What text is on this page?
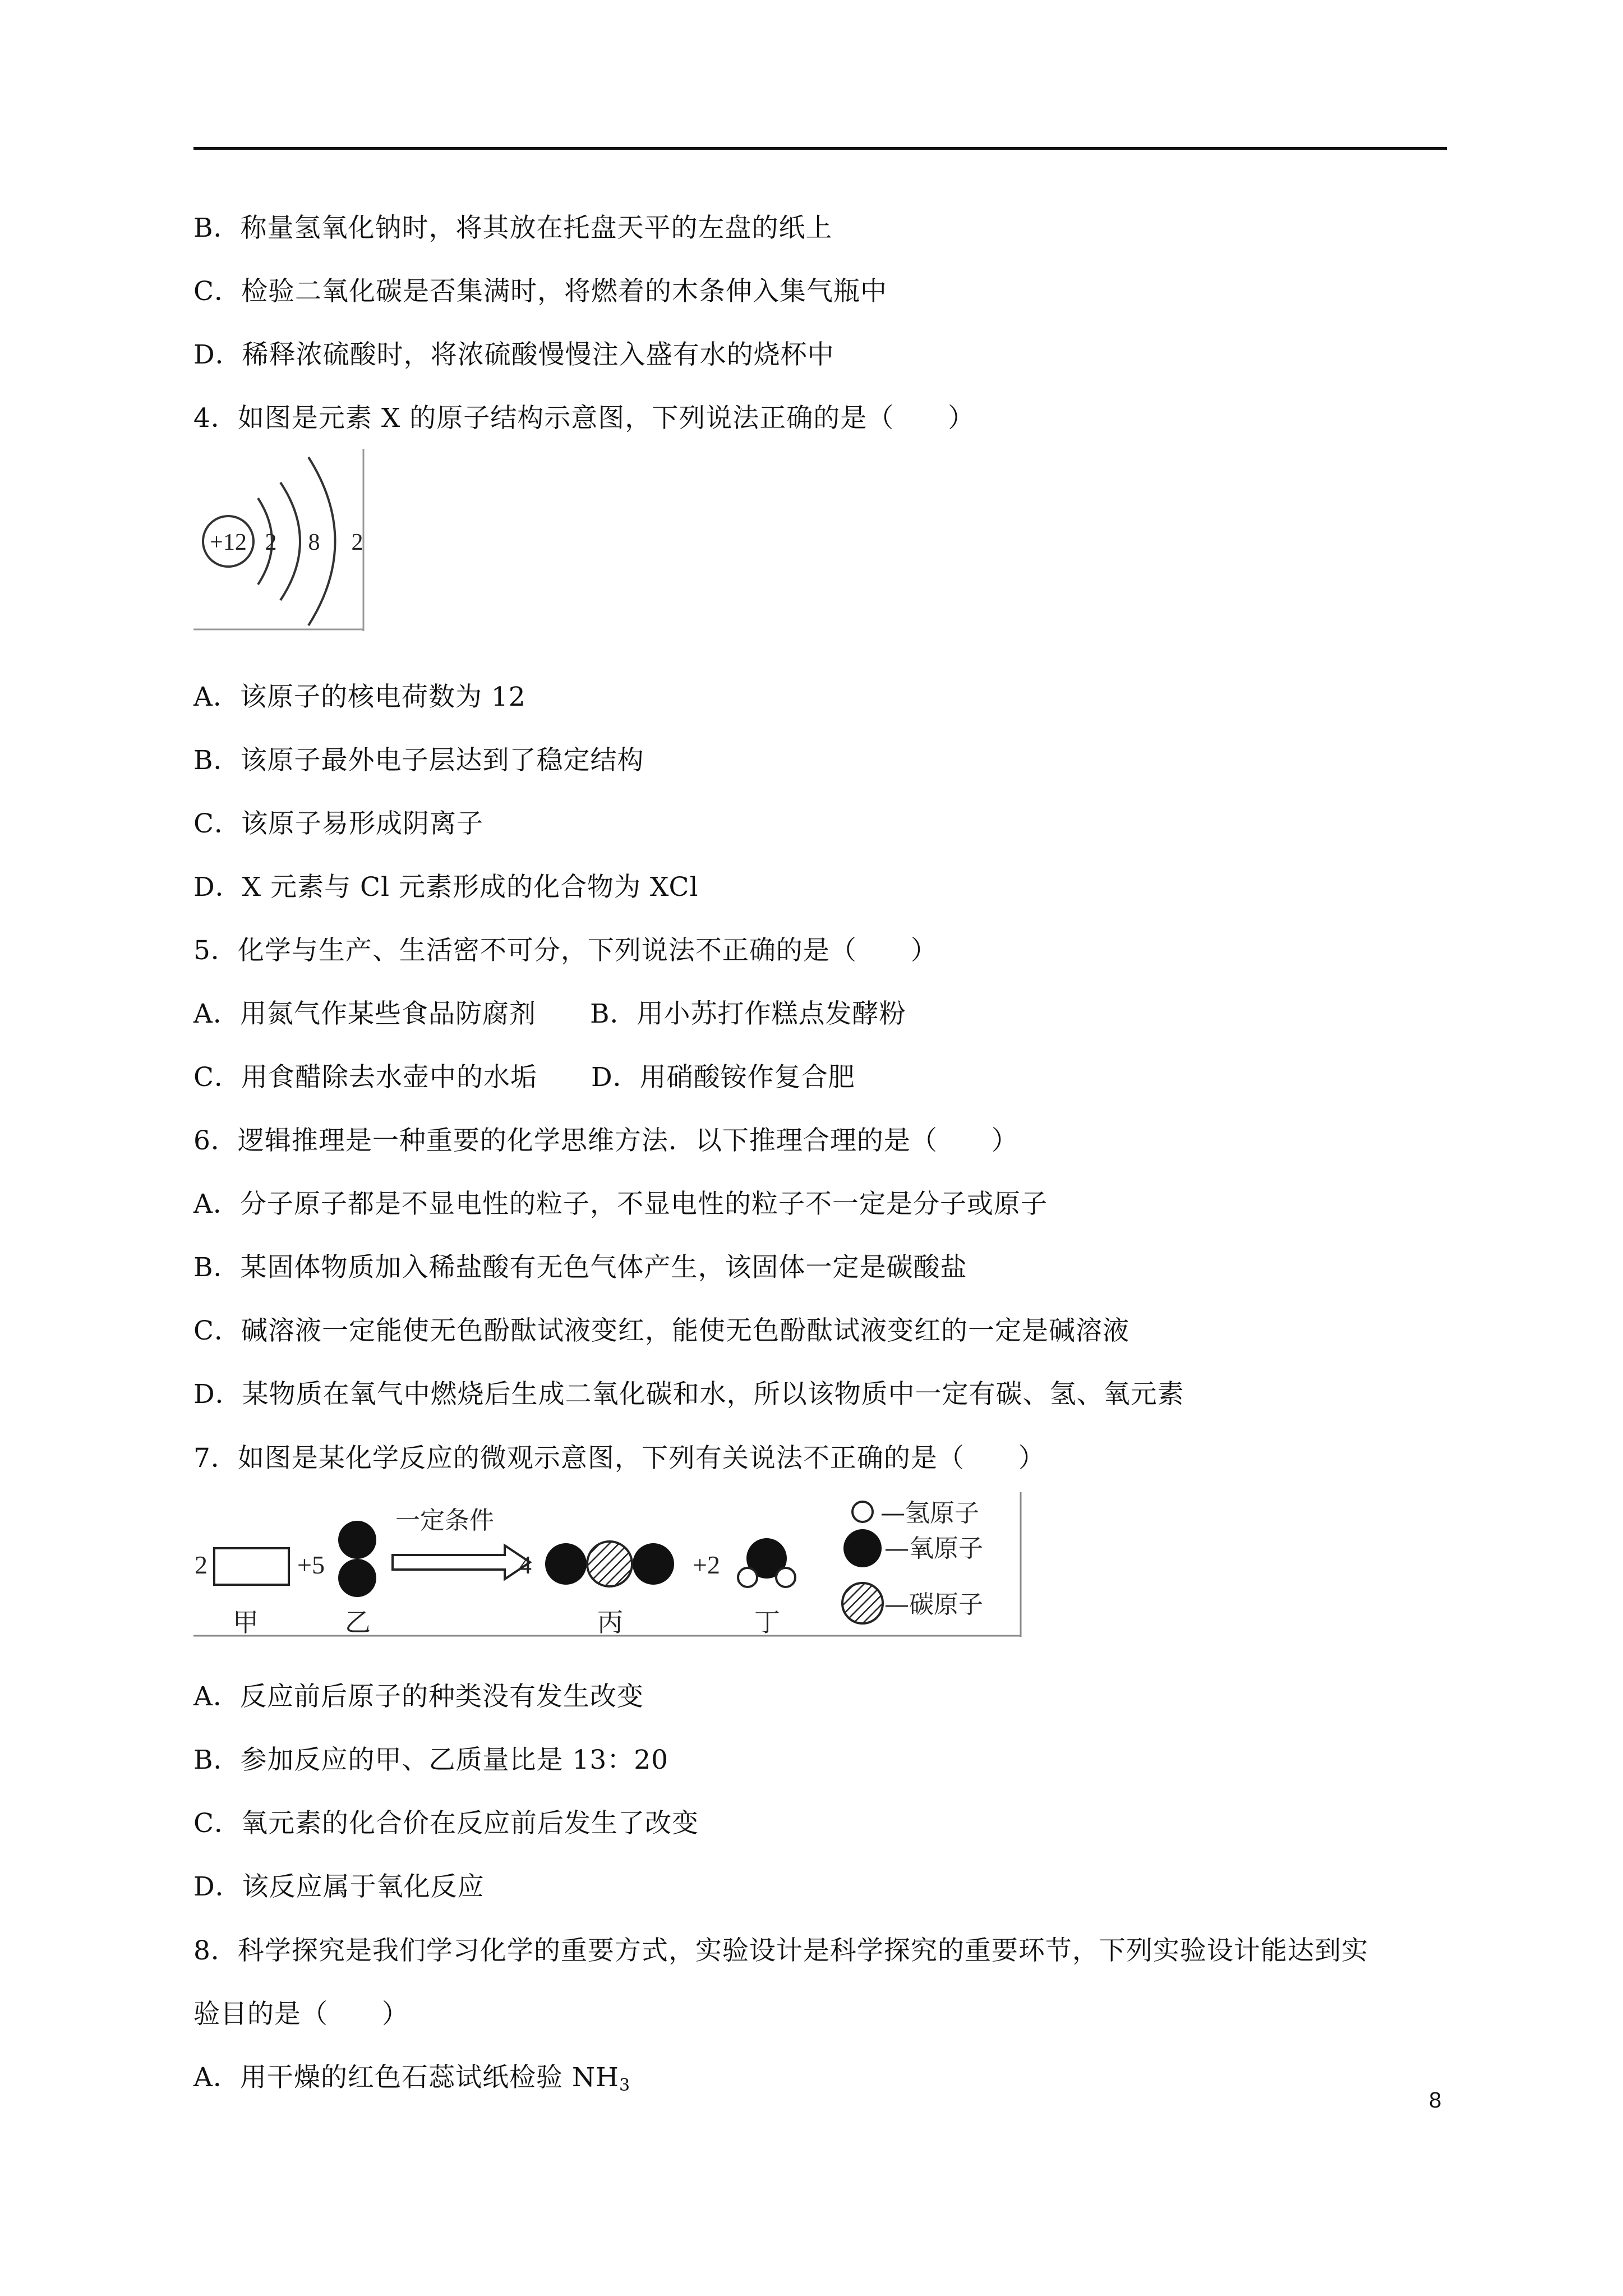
B．称量氢氧化钠时，将其放在托盘天平的左盘的纸上
C．检验二氧化碳是否集满时，将燃着的木条伸入集气瓶中
D．稀释浓硫酸时，将浓硫酸慢慢注入盛有水的烧杯中
4．如图是元素 X 的原子结构示意图，下列说法正确的是（　　）
+12 2 8 2
A．该原子的核电荷数为 12
B．该原子最外电子层达到了稳定结构
C．该原子易形成阴离子
D．X 元素与 Cl 元素形成的化合物为 XCl
5．化学与生产、生活密不可分，下列说法不正确的是（　　）
A．用氮气作某些食品防腐剂　　B．用小苏打作糕点发酵粉
C．用食醋除去水壶中的水垢　　D．用硝酸铵作复合肥
6．逻辑推理是一种重要的化学思维方法．以下推理合理的是（　　）
A．分子原子都是不显电性的粒子，不显电性的粒子不一定是分子或原子
B．某固体物质加入稀盐酸有无色气体产生，该固体一定是碳酸盐
C．碱溶液一定能使无色酚酞试液变红，能使无色酚酞试液变红的一定是碱溶液
D．某物质在氧气中燃烧后生成二氧化碳和水，所以该物质中一定有碳、氢、氧元素
7．如图是某化学反应的微观示意图，下列有关说法不正确的是（　　）
2	+5
一定条件
4	+2
甲	乙	丙	丁
—氢原子
—氧原子
—碳原子
A．反应前后原子的种类没有发生改变
B．参加反应的甲、乙质量比是 13：20
C．氧元素的化合价在反应前后发生了改变
D．该反应属于氧化反应
8．科学探究是我们学习化学的重要方式，实验设计是科学探究的重要环节，下列实验设计能达到实
验目的是（　　）
A．用干燥的红色石蕊试纸检验 $NH_3$
8
